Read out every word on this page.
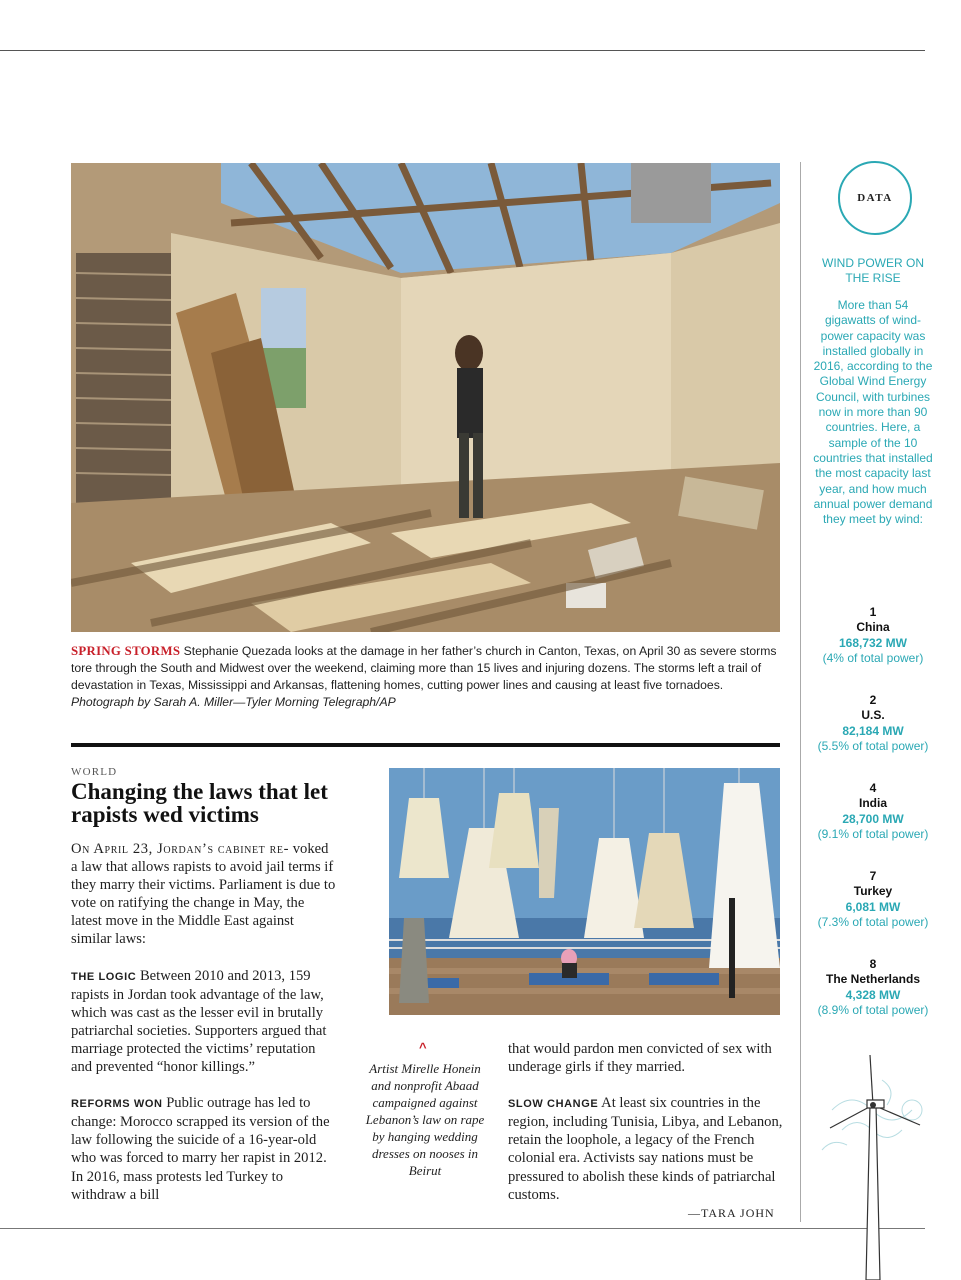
SPRING STORMS Stephanie Quezada looks at the damage in her father’s church in Canton, Texas, on April 30 as severe storms tore through the South and Midwest over the weekend, claiming more than 15 lives and injuring dozens. The storms left a trail of devastation in Texas, Mississippi and Arkansas, flattening homes, cutting power lines and causing at least five tornadoes. Photograph by Sarah A. Miller—Tyler Morning Telegraph/AP
WORLD
Changing the laws that let rapists wed victims

On April 23, Jordan’s cabinet re- voked a law that allows rapists to avoid jail terms if they marry their victims. Parliament is due to vote on ratifying the change in May, the latest move in the Middle East against similar laws:

THE LOGIC Between 2010 and 2013, 159 rapists in Jordan took advantage of the law, which was cast as the lesser evil in brutally patriarchal societies. Supporters argued that marriage protected the victims’ reputation and prevented “honor killings.”

REFORMS WON Public outrage has led to change: Morocco scrapped its version of the law following the suicide of a 16-year-old who was forced to marry her rapist in 2012. In 2016, mass protests led Turkey to withdraw a bill

^
Artist Mirelle Honein and nonprofit Abaad campaigned against Lebanon’s law on rape by hanging wedding dresses on nooses in Beirut

that would pardon men convicted of sex with underage girls if they married.

SLOW CHANGE At least six countries in the region, including Tunisia, Libya, and Lebanon, retain the loophole, a legacy of the French colonial era. Activists say nations must be pressured to abolish these kinds of patriarchal customs.

—TARA JOHN
DATA
WIND POWER ON THE RISE
More than 54 gigawatts of wind-power capacity was installed globally in 2016, according to the Global Wind Energy Council, with turbines now in more than 90 countries. Here, a sample of the 10 countries that installed the most capacity last year, and how much annual power demand they meet by wind:
1
China
168,732 MW
(4% of total power)
2
U.S.
82,184 MW
(5.5% of total power)
4
India
28,700 MW
(9.1% of total power)
7
Turkey
6,081 MW
(7.3% of total power)
8
The Netherlands
4,328 MW
(8.9% of total power)
